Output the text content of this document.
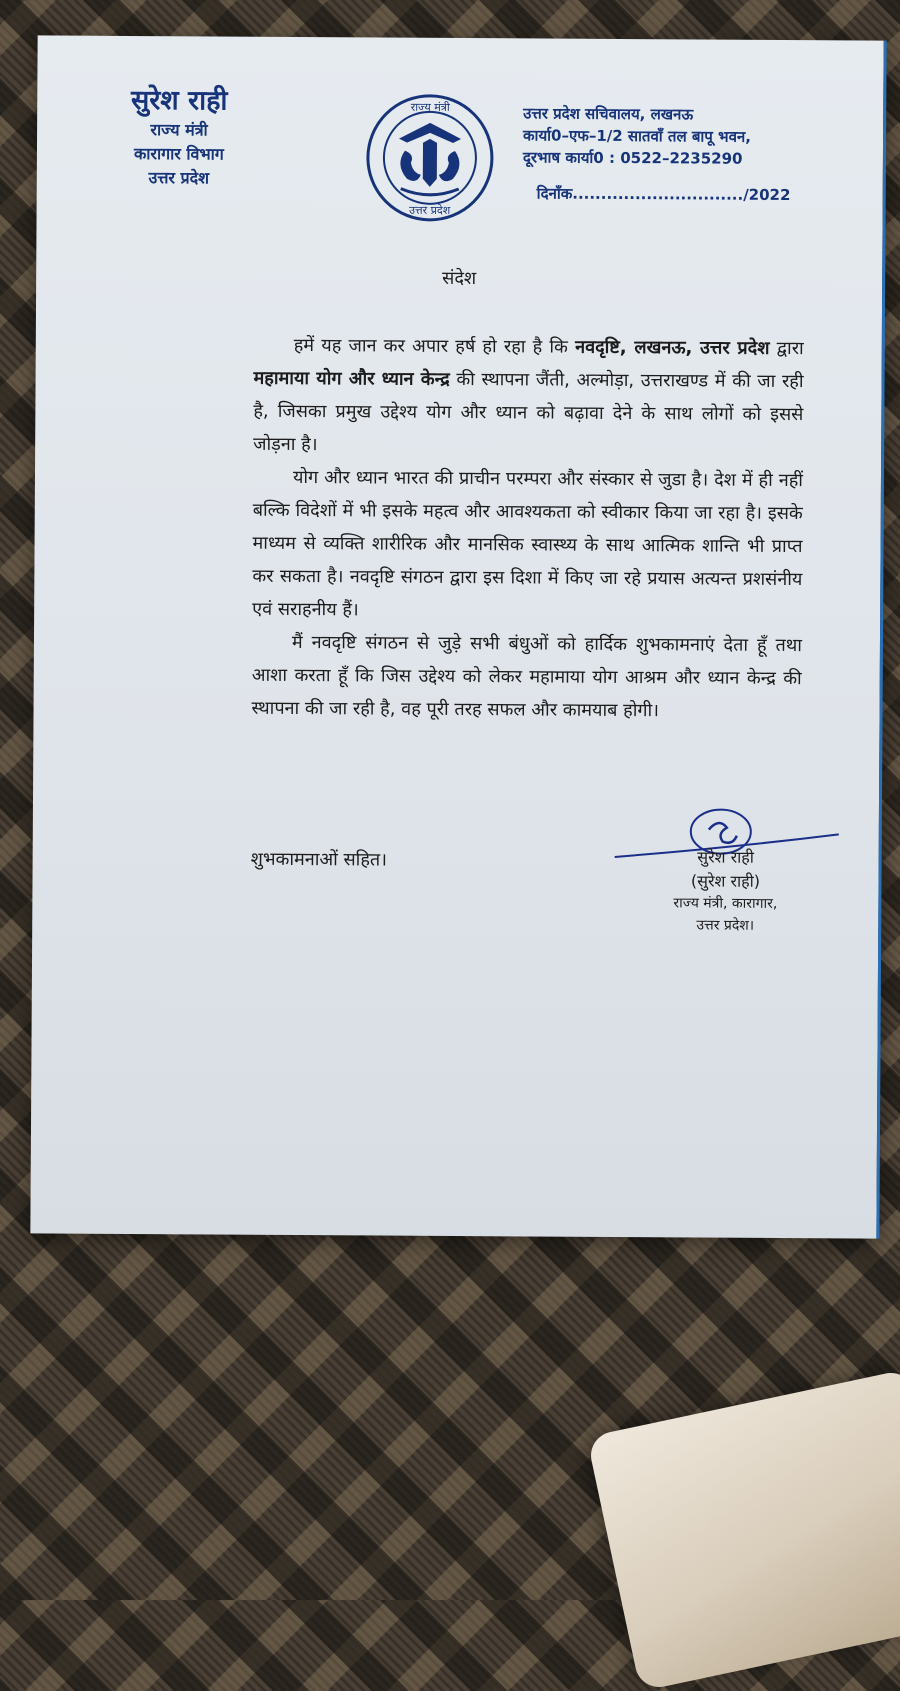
सुरेश राही
राज्य मंत्री
कारागार विभाग
उत्तर प्रदेश
राज्य मंत्री
उत्तर प्रदेश
उत्तर प्रदेश सचिवालय, लखनऊ
कार्या0–एफ–1/2 सातवाँ तल बापू भवन,
दूरभाष कार्या0 : 0522–2235290
दिनाँक............................../2022
संदेश

हमें यह जान कर अपार हर्ष हो रहा है कि नवदृष्टि, लखनऊ, उत्तर प्रदेश द्वारा महामाया योग और ध्यान केन्द्र की स्थापना जैंती, अल्मोड़ा, उत्तराखण्ड में की जा रही है, जिसका प्रमुख उद्देश्य योग और ध्यान को बढ़ावा देने के साथ लोगों को इससे जोड़ना है।

योग और ध्यान भारत की प्राचीन परम्परा और संस्कार से जुडा है। देश में ही नहीं बल्कि विदेशों में भी इसके महत्व और आवश्यकता को स्वीकार किया जा रहा है। इसके माध्यम से व्यक्ति शारीरिक और मानसिक स्वास्थ्य के साथ आत्मिक शान्ति भी प्राप्त कर सकता है। नवदृष्टि संगठन द्वारा इस दिशा में किए जा रहे प्रयास अत्यन्त प्रशसंनीय एवं सराहनीय हैं।

मैं नवदृष्टि संगठन से जुड़े सभी बंधुओं को हार्दिक शुभकामनाएं देता हूँ तथा आशा करता हूँ कि जिस उद्देश्य को लेकर महामाया योग आश्रम और ध्यान केन्द्र की स्थापना की जा रही है, वह पूरी तरह सफल और कामयाब होगी।

शुभकामनाओं सहित।	सुरेश राही
(सुरेश राही)
राज्य मंत्री, कारागार,
उत्तर प्रदेश।
